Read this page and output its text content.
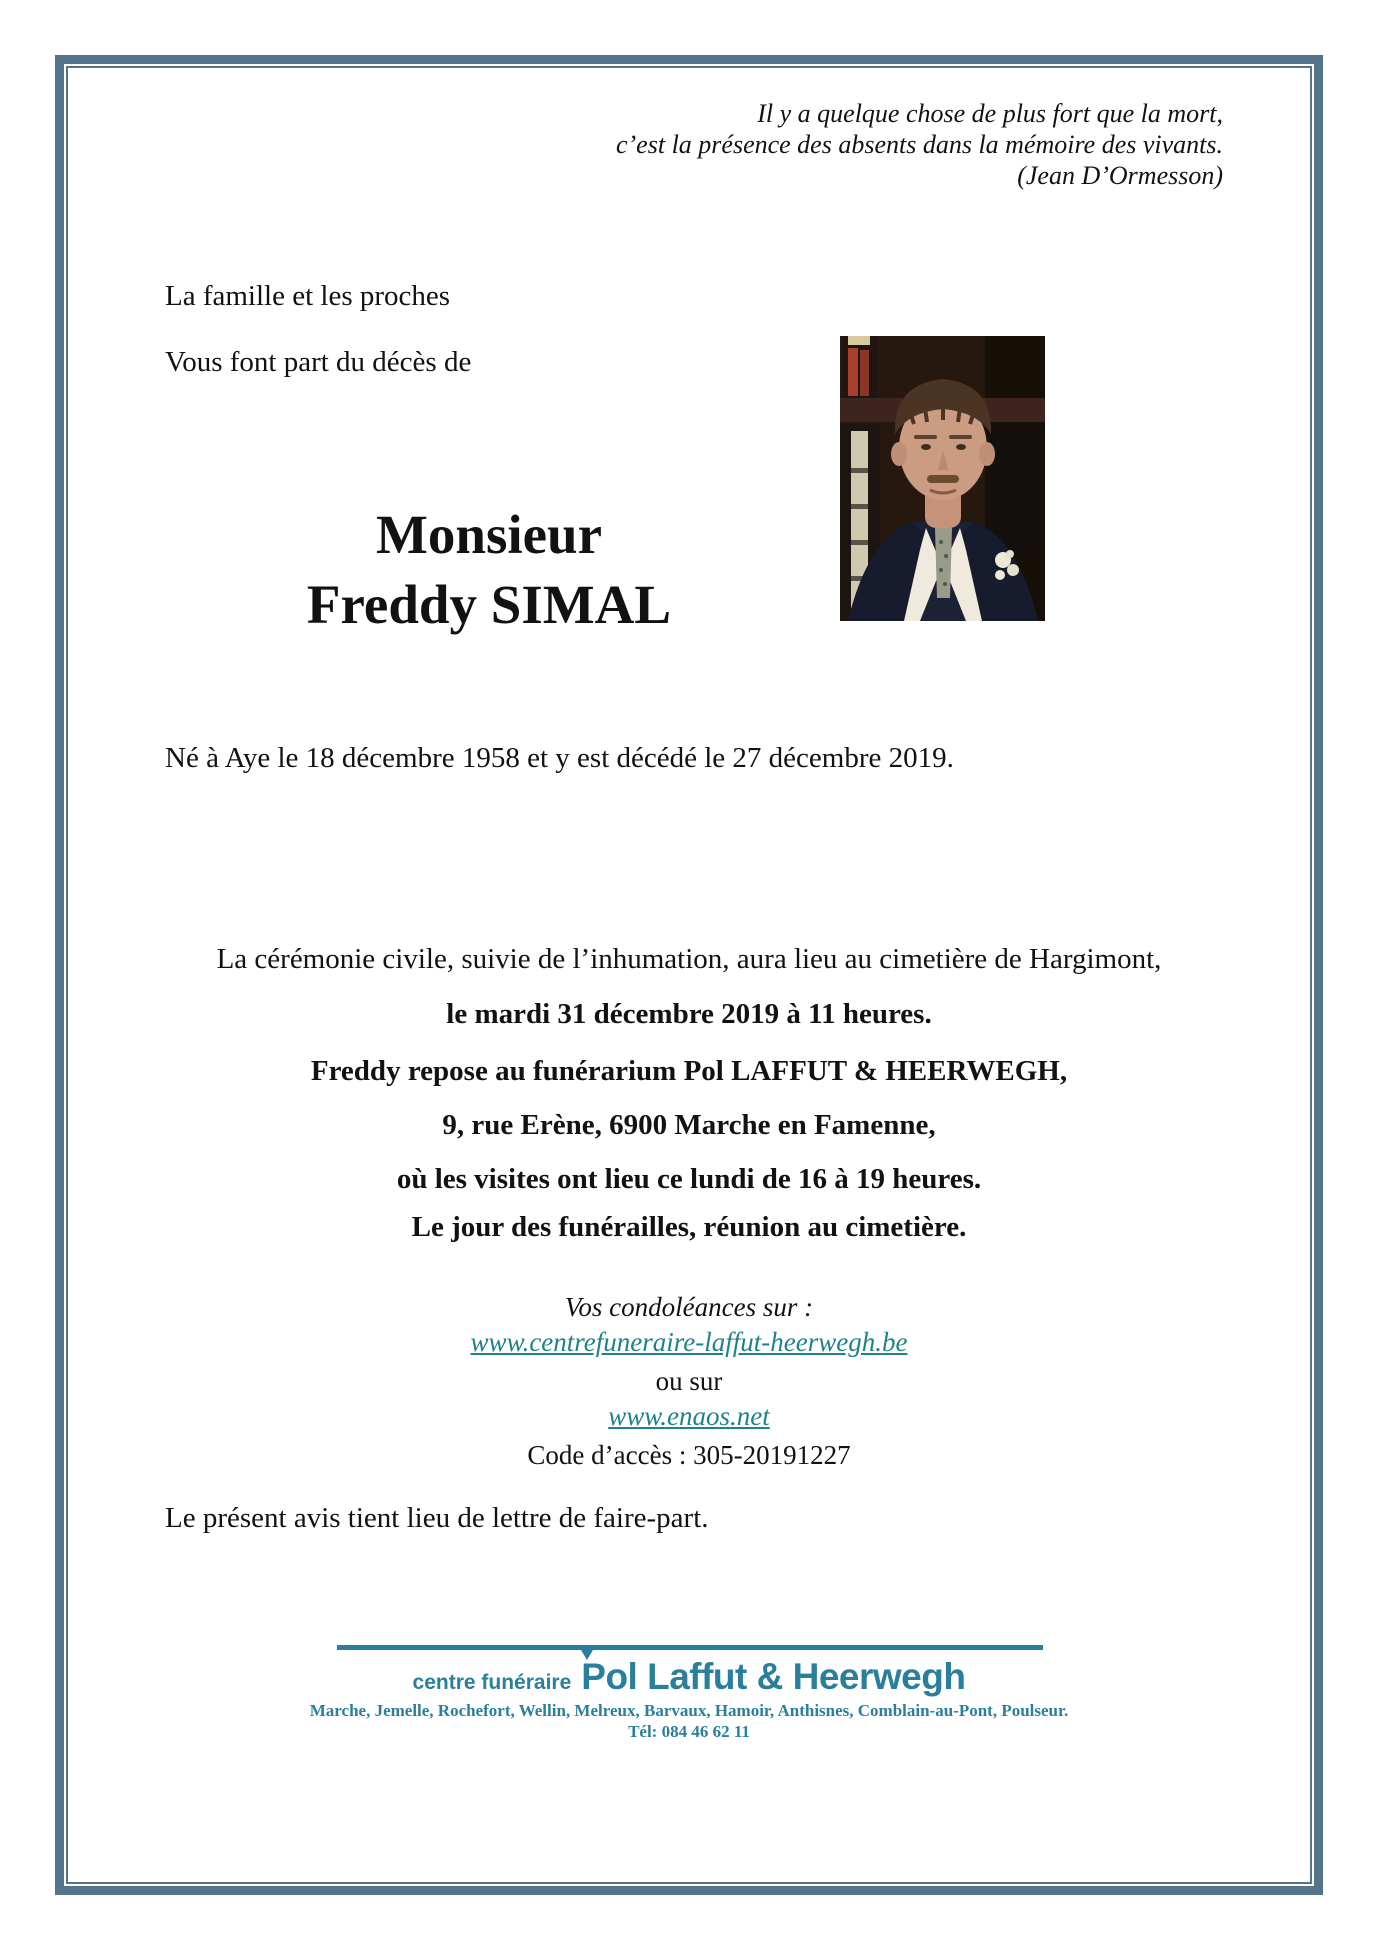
Il y a quelque chose de plus fort que la mort,
c’est la présence des absents dans la mémoire des vivants.
(Jean D’Ormesson)
La famille et les proches
Vous font part du décès de
Monsieur
Freddy SIMAL
Né à Aye le 18 décembre 1958 et y est décédé le 27 décembre 2019.
La cérémonie civile, suivie de l’inhumation, aura lieu au cimetière de Hargimont,
le mardi 31 décembre 2019 à 11 heures.
Freddy repose au funérarium Pol LAFFUT & HEERWEGH,
9, rue Erène, 6900 Marche en Famenne,
où les visites ont lieu ce lundi de 16 à 19 heures.
Le jour des funérailles, réunion au cimetière.
Vos condoléances sur :
www.centrefuneraire-laffut-heerwegh.be
ou sur
www.enaos.net
Code d’accès : 305-20191227
Le présent avis tient lieu de lettre de faire-part.
centre funéraire Pol Laffut & Heerwegh
Marche, Jemelle, Rochefort, Wellin, Melreux, Barvaux, Hamoir, Anthisnes, Comblain-au-Pont, Poulseur.
Tél: 084 46 62 11
